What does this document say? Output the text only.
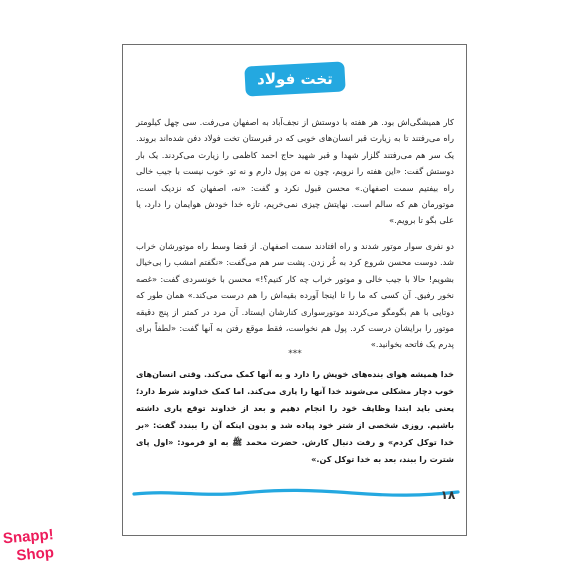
تخت فولاد
کار همیشگی‌اش بود. هر هفته با دوستش از نجف‌آباد به اصفهان می‌رفت. سی چهل کیلومتر راه می‌رفتند تا به زیارت قبر انسان‌های خوبی که در قبرستان تخت فولاد دفن شده‌اند بروند. یک سر هم می‌رفتند گلزار شهدا و قبر شهید حاج احمد کاظمی را زیارت می‌کردند. یک بار دوستش گفت: «این هفته را نرویم، چون نه من پول دارم و نه تو. خوب نیست با جیب خالی راه بیفتیم سمت اصفهان.» محسن قبول نکرد و گفت: «نه، اصفهان که نزدیک است، موتورمان هم که سالم است. نهایتش چیزی نمی‌خریم، تازه خدا خودش هوایمان را دارد، یا علی بگو تا برویم.»
دو نفری سوار موتور شدند و راه افتادند سمت اصفهان. از قضا وسط راه موتورشان خراب شد. دوست محسن شروع کرد به غُر زدن. پشت سر هم می‌گفت: «نگفتم امشب را بی‌خیال بشویم! حالا با جیب خالی و موتور خراب چه کار کنیم؟!» محسن با خونسردی گفت: «غصه نخور رفیق. آن کسی که ما را تا اینجا آورده بقیه‌اش را هم درست می‌کند.» همان طور که دوتایی با هم بگومگو می‌کردند موتورسواری کنارشان ایستاد. آن مرد در کمتر از پنج دقیقه موتور را برایشان درست کرد. پول هم نخواست، فقط موقع رفتن به آنها گفت: «لطفاً برای پدرم یک فاتحه بخوانید.»
***
خدا همیشه هوای بنده‌های خویش را دارد و به آنها کمک می‌کند. وقتی انسان‌های خوب دچار مشکلی می‌شوند خدا آنها را یاری می‌کند. اما کمک خداوند شرط دارد؛ یعنی باید ابتدا وظایف خود را انجام دهیم و بعد از خداوند توقع یاری داشته باشیم. روزی شخصی از شتر خود پیاده شد و بدون اینکه آن را ببندد گفت: «بر خدا توکل کردم» و رفت دنبال کارش. حضرت محمد ﷺ به او فرمود: «اول پای شترت را ببند، بعد به خدا توکل کن.»
۱۸
Snapp!
Shop
